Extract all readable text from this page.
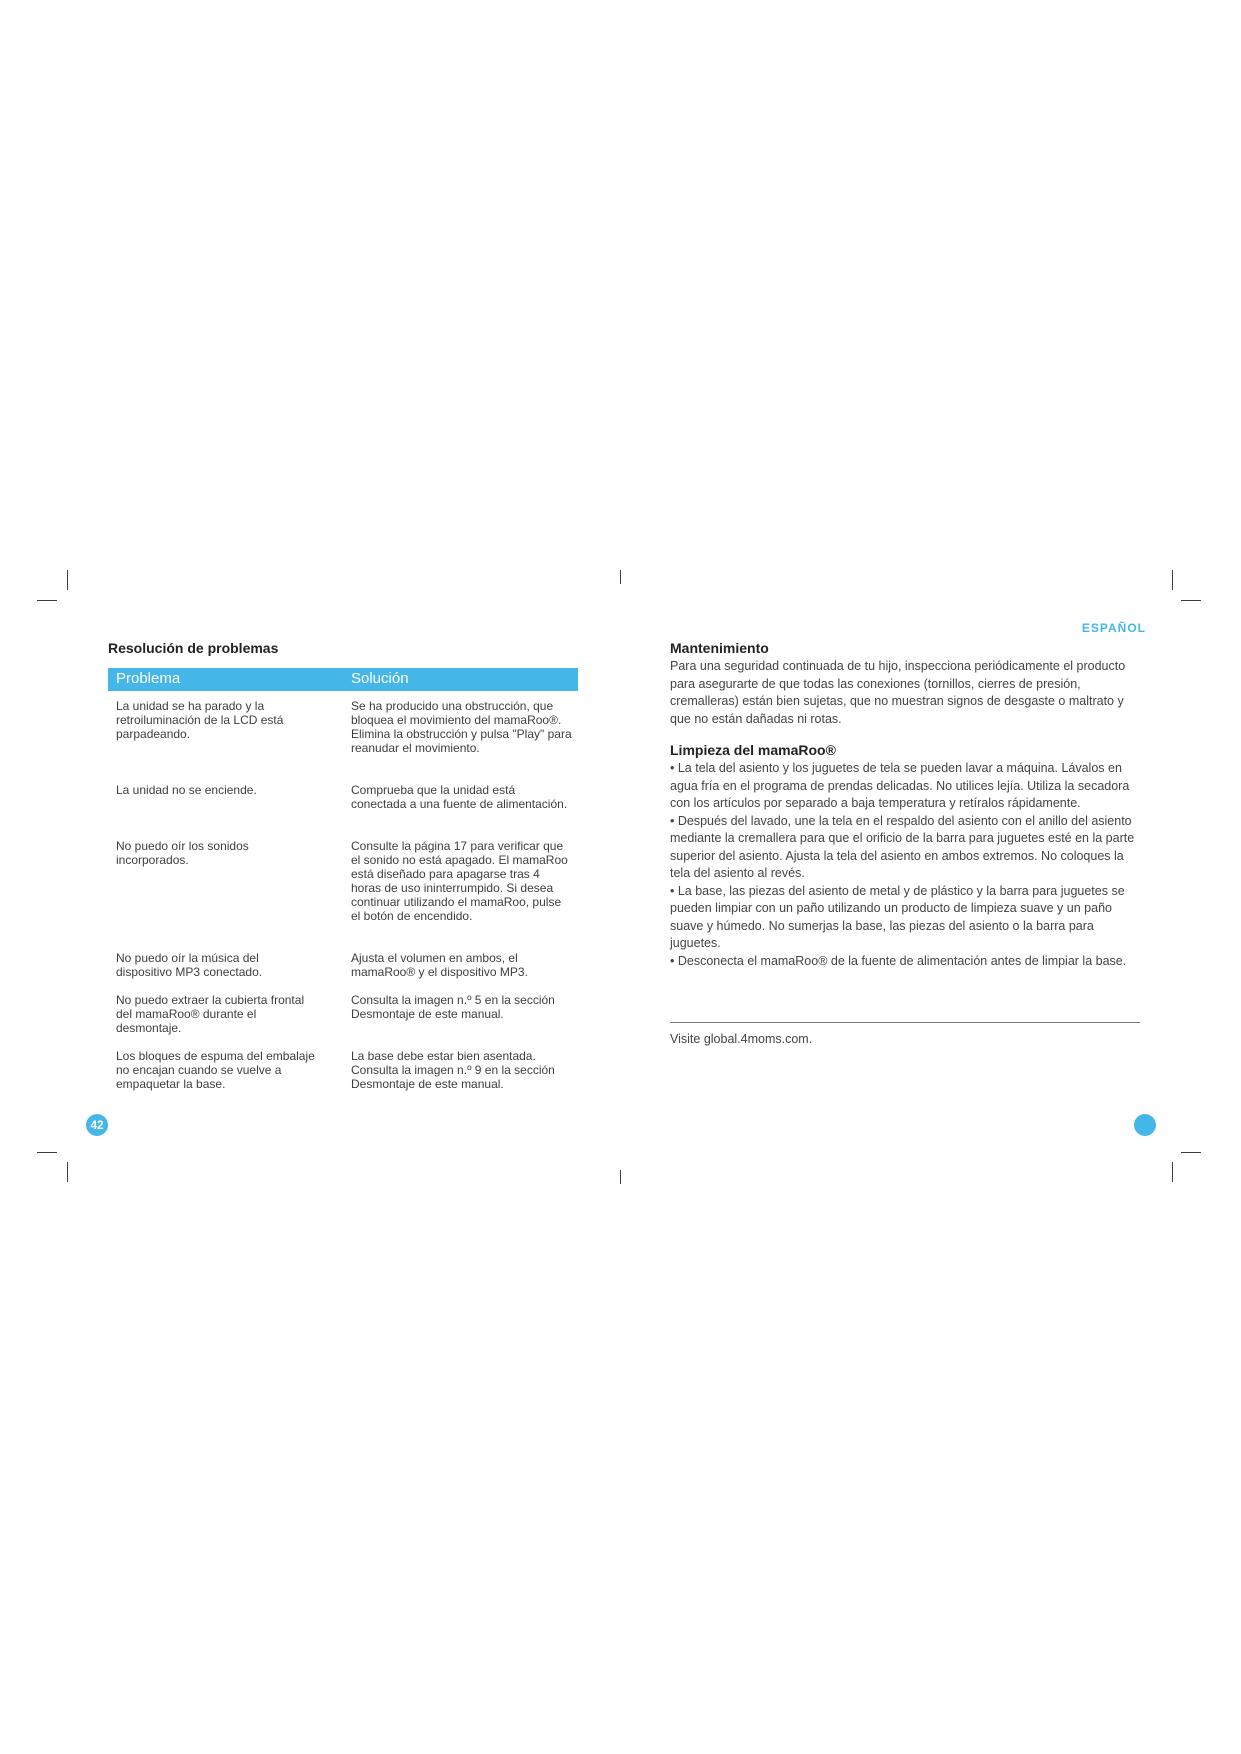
Resolución de problemas
Problema	Solución
La unidad se ha parado y la retroiluminación de la LCD está parpadeando.
Se ha producido una obstrucción, que bloquea el movimiento del mamaRoo®. Elimina la obstrucción y pulsa "Play" para reanudar el movimiento.
La unidad no se enciende.	Comprueba que la unidad está conectada a una fuente de alimentación.
No puedo oír los sonidos incorporados.
Consulte la página 17 para verificar que el sonido no está apagado. El mamaRoo está diseñado para apagarse tras 4 horas de uso ininterrumpido. Si desea continuar utilizando el mamaRoo, pulse el botón de encendido.
No puedo oír la música del dispositivo MP3 conectado.
Ajusta el volumen en ambos, el mamaRoo® y el dispositivo MP3.
No puedo extraer la cubierta frontal del mamaRoo® durante el desmontaje.
Consulta la imagen n.º 5 en la sección Desmontaje de este manual.
Los bloques de espuma del embalaje no encajan cuando se vuelve a empaquetar la base.
La base debe estar bien asentada. Consulta la imagen n.º 9 en la sección Desmontaje de este manual.
42
ESPAÑOL
Mantenimiento

Para una seguridad continuada de tu hijo, inspecciona periódicamente el producto para asegurarte de que todas las conexiones (tornillos, cierres de presión, cremalleras) están bien sujetas, que no muestran signos de desgaste o maltrato y que no están dañadas ni rotas.

Limpieza del mamaRoo®

• La tela del asiento y los juguetes de tela se pueden lavar a máquina. Lávalos en agua fría en el programa de prendas delicadas. No utilices lejía. Utiliza la secadora con los artículos por separado a baja temperatura y retíralos rápidamente.

• Después del lavado, une la tela en el respaldo del asiento con el anillo del asiento mediante la cremallera para que el orificio de la barra para juguetes esté en la parte superior del asiento. Ajusta la tela del asiento en ambos extremos. No coloques la tela del asiento al revés.

• La base, las piezas del asiento de metal y de plástico y la barra para juguetes se pueden limpiar con un paño utilizando un producto de limpieza suave y un paño suave y húmedo. No sumerjas la base, las piezas del asiento o la barra para juguetes.

• Desconecta el mamaRoo® de la fuente de alimentación antes de limpiar la base.

Visite global.4moms.com.
